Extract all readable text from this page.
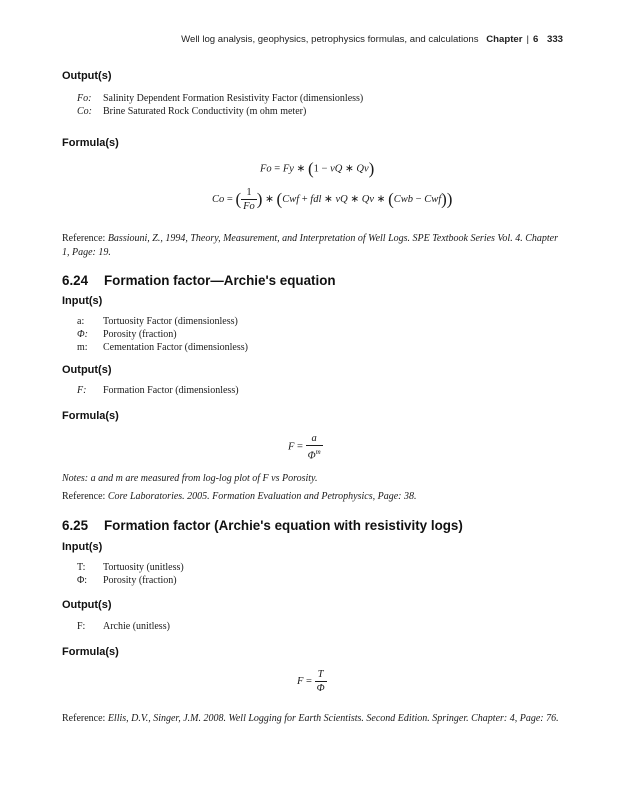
Well log analysis, geophysics, petrophysics formulas, and calculations Chapter | 6 333
Output(s)
Fo: Salinity Dependent Formation Resistivity Factor (dimensionless)
Co: Brine Saturated Rock Conductivity (m ohm meter)
Formula(s)
Fo = Fy ∗ (1 − vQ ∗ Qv)
Co = ( $\frac{1}{Fo}$ ) ∗ (Cwf + fdl ∗ vQ ∗ Qv ∗ (Cwb − Cwf))
Reference: Bassiouni, Z., 1994, Theory, Measurement, and Interpretation of Well Logs. SPE Textbook Series Vol. 4. Chapter 1, Page: 19.
6.24 Formation factor—Archie's equation
Input(s)
a: Tortuosity Factor (dimensionless)
Φ: Porosity (fraction)
m: Cementation Factor (dimensionless)
Output(s)
F: Formation Factor (dimensionless)
Formula(s)
$F = \frac{a}{\Phi^m}$
Notes: a and m are measured from log-log plot of F vs Porosity.
Reference: Core Laboratories. 2005. Formation Evaluation and Petrophysics, Page: 38.
6.25 Formation factor (Archie's equation with resistivity logs)
Input(s)
T: Tortuosity (unitless)
Φ: Porosity (fraction)
Output(s)
F: Archie (unitless)
Formula(s)
$F = \frac{T}{\Phi}$
Reference: Ellis, D.V., Singer, J.M. 2008. Well Logging for Earth Scientists. Second Edition. Springer. Chapter: 4, Page: 76.
